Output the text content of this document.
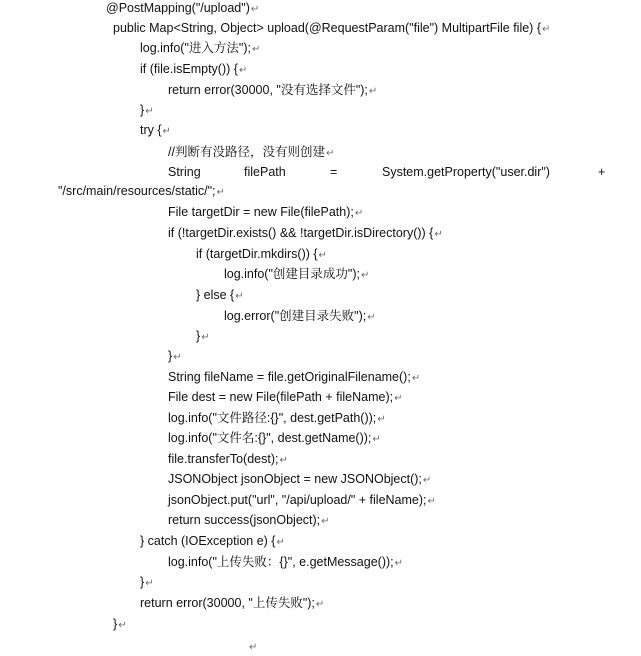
@PostMapping("/upload")↵
public Map<String, Object> upload(@RequestParam("file") MultipartFile file) {↵
log.info("进入方法");↵
if (file.isEmpty()) {↵
return error(30000, "没有选择文件");↵
}↵
try {↵
//判断有没路径，没有则创建↵
String	filePath	=	System.getProperty("user.dir")	+
"/src/main/resources/static/";↵
File targetDir = new File(filePath);↵
if (!targetDir.exists() && !targetDir.isDirectory()) {↵
if (targetDir.mkdirs()) {↵
log.info("创建目录成功");↵
} else {↵
log.error("创建目录失败");↵
}↵
}↵
String fileName = file.getOriginalFilename();↵
File dest = new File(filePath + fileName);↵
log.info("文件路径:{}", dest.getPath());↵
log.info("文件名:{}", dest.getName());↵
file.transferTo(dest);↵
JSONObject jsonObject = new JSONObject();↵
jsonObject.put("url", "/api/upload/" + fileName);↵
return success(jsonObject);↵
} catch (IOException e) {↵
log.info("上传失败：{}", e.getMessage());↵
}↵
return error(30000, "上传失败");↵
}↵
↵
